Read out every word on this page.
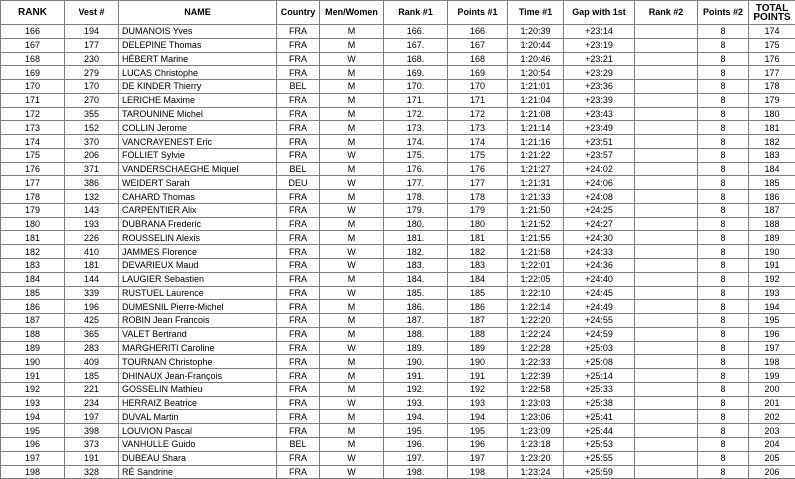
RANK	Vest #	NAME	Country	Men/Women	Rank #1	Points #1	Time #1	Gap with 1st	Rank #2	Points #2	TOTAL POINTS
166	194	DUMANOIS Yves	FRA	M	166.	166	1:20:39	+23:14		8	174
167	177	DELEPINE Thomas	FRA	M	167.	167	1:20:44	+23:19		8	175
168	230	HÉBERT Marine	FRA	W	168.	168	1:20:46	+23:21		8	176
169	279	LUCAS Christophe	FRA	M	169.	169	1:20:54	+23:29		8	177
170	170	DE KINDER Thierry	BEL	M	170.	170	1:21:01	+23:36		8	178
171	270	LERICHE Maxime	FRA	M	171.	171	1:21:04	+23:39		8	179
172	355	TAROUNINE Michel	FRA	M	172.	172	1:21:08	+23:43		8	180
173	152	COLLIN Jerome	FRA	M	173.	173	1:21:14	+23:49		8	181
174	370	VANCRAYENEST Eric	FRA	M	174.	174	1:21:16	+23:51		8	182
175	206	FOLLIET Sylvie	FRA	W	175.	175	1:21:22	+23:57		8	183
176	371	VANDERSCHAEGHE Miquel	BEL	M	176.	176	1:21:27	+24:02		8	184
177	386	WEIDERT Sarah	DEU	W	177.	177	1:21:31	+24:06		8	185
178	132	CAHARD Thomas	FRA	M	178.	178	1:21:33	+24:08		8	186
179	143	CARPENTIER Alix	FRA	W	179.	179	1:21:50	+24:25		8	187
180	193	DUBRANA Frederic	FRA	M	180.	180	1:21:52	+24:27		8	188
181	226	ROUSSELIN Alexis	FRA	M	181.	181	1:21:55	+24:30		8	189
182	410	JAMMES Florence	FRA	W	182.	182	1:21:58	+24:33		8	190
183	181	DEVARIEUX Maud	FRA	W	183.	183	1:22:01	+24:36		8	191
184	144	LAUGIER Sebastien	FRA	M	184.	184	1:22:05	+24:40		8	192
185	339	RUSTUEL Laurence	FRA	W	185.	185	1:22:10	+24:45		8	193
186	196	DUMESNIL Pierre-Michel	FRA	M	186.	186	1:22:14	+24:49		8	194
187	425	ROBIN Jean Francois	FRA	M	187.	187	1:22:20	+24:55		8	195
188	365	VALET Bertrand	FRA	M	188.	188	1:22:24	+24:59		8	196
189	283	MARGHERITI Caroline	FRA	W	189.	189	1:22:28	+25:03		8	197
190	409	TOURNAN Christophe	FRA	M	190.	190	1:22:33	+25:08		8	198
191	185	DHINAUX Jean-François	FRA	M	191.	191	1:22:39	+25:14		8	199
192	221	GOSSELIN Mathieu	FRA	M	192.	192	1:22:58	+25:33		8	200
193	234	HERRAIZ Beatrice	FRA	W	193.	193	1:23:03	+25:38		8	201
194	197	DUVAL Martin	FRA	M	194.	194	1:23:06	+25:41		8	202
195	398	LOUVION Pascal	FRA	M	195.	195	1:23:09	+25:44		8	203
196	373	VANHULLE Guido	BEL	M	196.	196	1:23:18	+25:53		8	204
197	191	DUBEAU Shara	FRA	W	197.	197	1:23:20	+25:55		8	205
198	328	RÈ Sandrine	FRA	W	198.	198	1:23:24	+25:59		8	206
